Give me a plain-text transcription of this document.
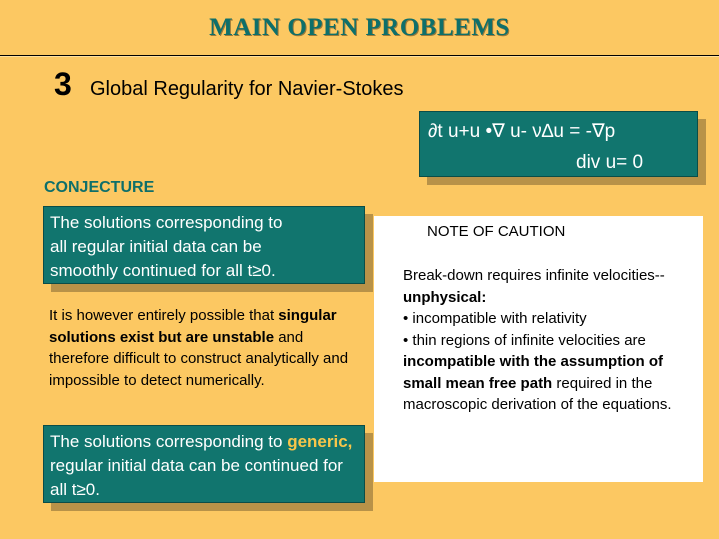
MAIN OPEN PROBLEMS
3 Global Regularity for Navier-Stokes
∂t u+u •∇ u- ν∆u = -∇p
div u= 0
CONJECTURE
The solutions corresponding to
all regular initial data can be
smoothly continued for all t≥0.
It is however entirely possible that singular solutions exist but are unstable and therefore difficult to construct analytically and impossible to detect numerically.
The solutions corresponding to generic, regular initial data can be continued for all t≥0.
NOTE OF CAUTION
Break-down requires infinite velocities--unphysical:
• incompatible with relativity
• thin regions of infinite velocities are incompatible with the assumption of small mean free path required in the macroscopic derivation of the equations.
